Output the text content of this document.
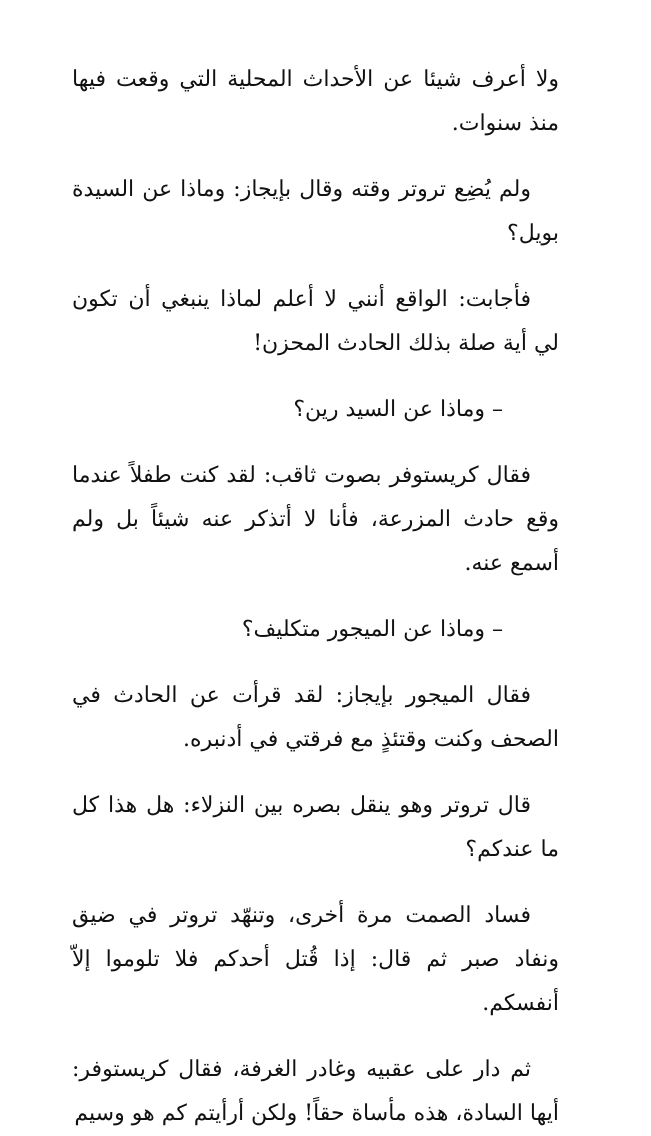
ولا أعرف شيئا عن الأحداث المحلية التي وقعت فيها منذ سنوات.

ولم يُضِع تروتر وقته وقال بإيجاز: وماذا عن السيدة بويل؟

فأجابت: الواقع أنني لا أعلم لماذا ينبغي أن تكون لي أية صلة بذلك الحادث المحزن!

– وماذا عن السيد رين؟

فقال كريستوفر بصوت ثاقب: لقد كنت طفلاً عندما وقع حادث المزرعة، فأنا لا أتذكر عنه شيئاً بل ولم أسمع عنه.

– وماذا عن الميجور متكليف؟

فقال الميجور بإيجاز: لقد قرأت عن الحادث في الصحف وكنت وقتئذٍ مع فرقتي في أدنبره.

قال تروتر وهو ينقل بصره بين النزلاء: هل هذا كل ما عندكم؟

فساد الصمت مرة أخرى، وتنهّد تروتر في ضيق ونفاد صبر ثم قال: إذا قُتل أحدكم فلا تلوموا إلاّ أنفسكم.

ثم دار على عقبيه وغادر الغرفة، فقال كريستوفر: أيها السادة، هذه مأساة حقاً! ولكن أرأيتم كم هو وسيم
